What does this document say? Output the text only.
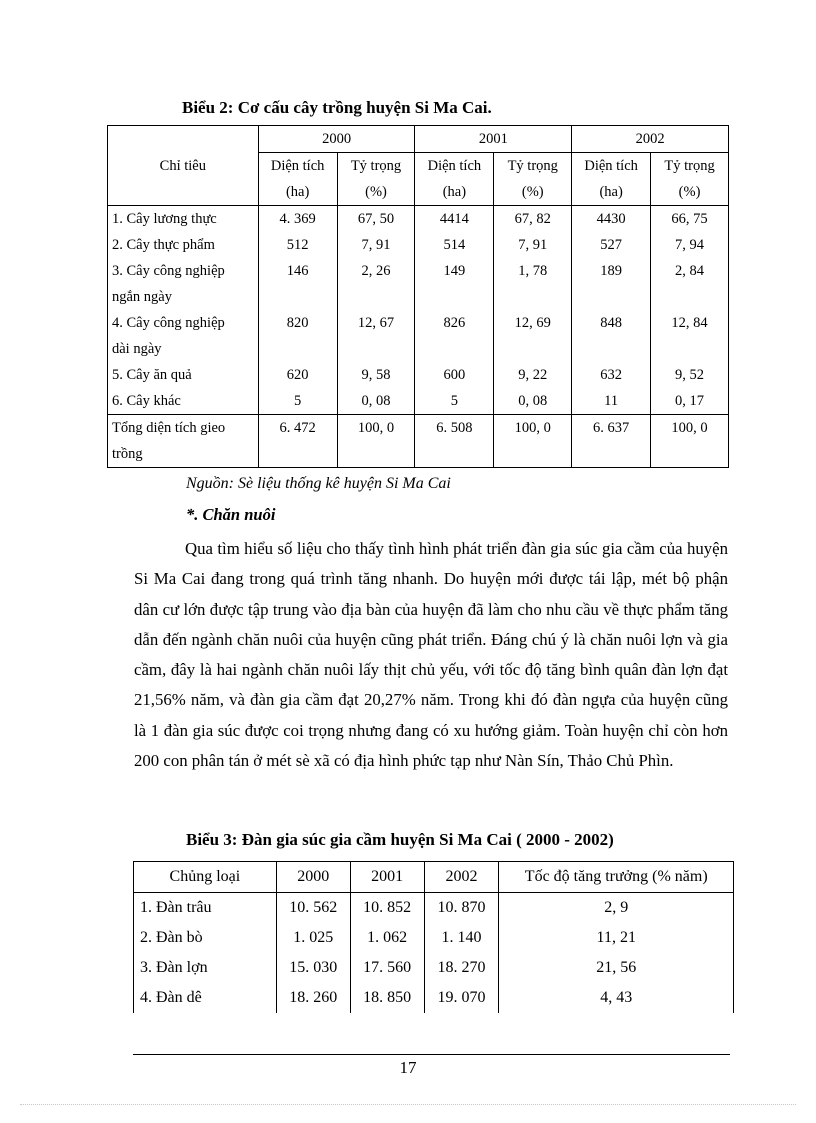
Biểu 2: Cơ cấu cây trồng huyện Si Ma Cai.
Chỉ tiêu	2000		2001		2002	
	Diện tích	Tỷ trọng	Diện tích	Tỷ trọng	Diện tích	Tỷ trọng
	(ha)	(%)	(ha)	(%)	(ha)	(%)

1. Cây lương thực	4. 369	67, 50	4414	67, 82	4430	66, 75

2. Cây thực phẩm	512	7, 91	514	7, 91	527	7, 94

3. Cây công nghiệp
ngắn ngày	146	2, 26	149	1, 78	189	2, 84

4. Cây công nghiệp
dài ngày	820	12, 67	826	12, 69	848	12, 84

5. Cây ăn quả	620	9, 58	600	9, 22	632	9, 52

6. Cây khác	5	0, 08	5	0, 08	11	0, 17

Tổng diện tích gieo
trồng	6. 472	100, 0	6. 508	100, 0	6. 637	100, 0
Nguồn: Sè liệu thống kê huyện Si Ma Cai
*. Chăn nuôi
Qua tìm hiểu số liệu cho thấy tình hình phát triển đàn gia súc gia cầm của huyện Si Ma Cai đang trong quá trình tăng nhanh. Do huyện mới được tái lập, mét bộ phận dân cư lớn được tập trung vào địa bàn của huyện đã làm cho nhu cầu về thực phẩm tăng dẫn đến ngành chăn nuôi của huyện cũng phát triển. Đáng chú ý là chăn nuôi lợn và gia cầm, đây là hai ngành chăn nuôi lấy thịt chủ yếu, với tốc độ tăng bình quân đàn lợn đạt 21,56% năm, và đàn gia cầm đạt 20,27% năm. Trong khi đó đàn ngựa của huyện cũng là 1 đàn gia súc được coi trọng nhưng đang có xu hướng giảm. Toàn huyện chỉ còn hơn 200 con phân tán ở mét sè xã có địa hình phức tạp như Nàn Sín, Thảo Chủ Phìn.
Biểu 3: Đàn gia súc gia cầm huyện Si Ma Cai ( 2000 - 2002)
Chủng loại	2000	2001	2002	Tốc độ tăng trưởng (% năm)
1. Đàn trâu	10. 562	10. 852	10. 870	2, 9
2. Đàn bò	1. 025	1. 062	1. 140	11, 21
3. Đàn lợn	15. 030	17. 560	18. 270	21, 56
4. Đàn dê	18. 260	18. 850	19. 070	4, 43
17
